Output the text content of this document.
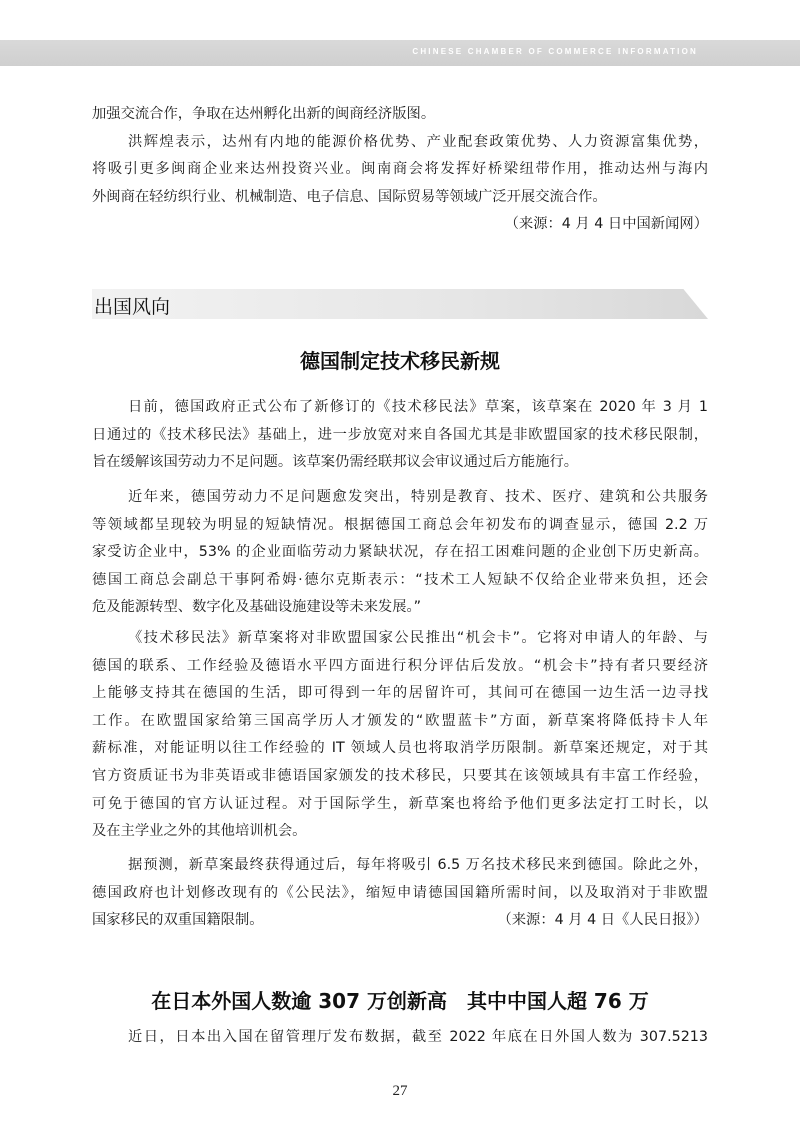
CHINESE CHAMBER OF COMMERCE INFORMATION
加强交流合作，争取在达州孵化出新的闽商经济版图。
洪辉煌表示，达州有内地的能源价格优势、产业配套政策优势、人力资源富集优势，
将吸引更多闽商企业来达州投资兴业。闽南商会将发挥好桥梁纽带作用，推动达州与海内
外闽商在轻纺织行业、机械制造、电子信息、国际贸易等领域广泛开展交流合作。
（来源：4 月 4 日中国新闻网）
出国风向
德国制定技术移民新规
日前，德国政府正式公布了新修订的《技术移民法》草案，该草案在 2020 年 3 月 1
日通过的《技术移民法》基础上，进一步放宽对来自各国尤其是非欧盟国家的技术移民限制，
旨在缓解该国劳动力不足问题。该草案仍需经联邦议会审议通过后方能施行。
近年来，德国劳动力不足问题愈发突出，特别是教育、技术、医疗、建筑和公共服务
等领域都呈现较为明显的短缺情况。根据德国工商总会年初发布的调查显示，德国 2.2 万
家受访企业中，53% 的企业面临劳动力紧缺状况，存在招工困难问题的企业创下历史新高。
德国工商总会副总干事阿希姆·德尔克斯表示：“技术工人短缺不仅给企业带来负担，还会
危及能源转型、数字化及基础设施建设等未来发展。”
《技术移民法》新草案将对非欧盟国家公民推出“机会卡”。它将对申请人的年龄、与
德国的联系、工作经验及德语水平四方面进行积分评估后发放。“机会卡”持有者只要经济
上能够支持其在德国的生活，即可得到一年的居留许可，其间可在德国一边生活一边寻找
工作。在欧盟国家给第三国高学历人才颁发的“欧盟蓝卡”方面，新草案将降低持卡人年
薪标准，对能证明以往工作经验的 IT 领域人员也将取消学历限制。新草案还规定，对于其
官方资质证书为非英语或非德语国家颁发的技术移民，只要其在该领域具有丰富工作经验，
可免于德国的官方认证过程。对于国际学生，新草案也将给予他们更多法定打工时长，以
及在主学业之外的其他培训机会。
据预测，新草案最终获得通过后，每年将吸引 6.5 万名技术移民来到德国。除此之外，
德国政府也计划修改现有的《公民法》，缩短申请德国国籍所需时间，以及取消对于非欧盟
国家移民的双重国籍限制。	（来源：4 月 4 日《人民日报》）
在日本外国人数逾 307 万创新高　其中中国人超 76 万
近日，日本出入国在留管理厅发布数据，截至 2022 年底在日外国人数为 307.5213
27
